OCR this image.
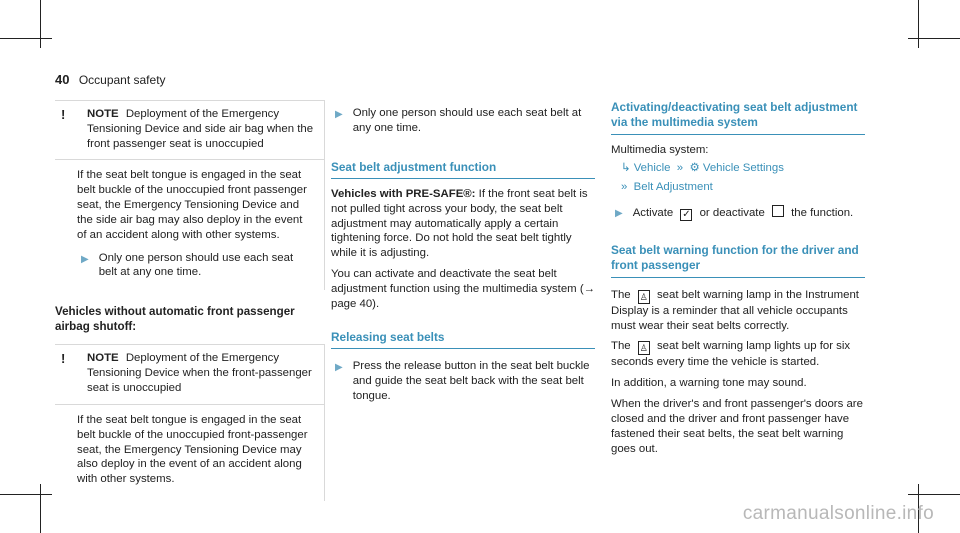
40 Occupant safety
!	NOTE Deployment of the Emergency Tensioning Device and side air bag when the front passenger seat is unoccupied

If the seat belt tongue is engaged in the seat belt buckle of the unoccupied front passenger seat, the Emergency Tensioning Device and the side air bag may also deploy in the event of an accident along with other systems.

▶ Only one person should use each seat belt at any one time.
Vehicles without automatic front passenger airbag shutoff:
!	NOTE Deployment of the Emergency Tensioning Device when the front-passenger seat is unoccupied

If the seat belt tongue is engaged in the seat belt buckle of the unoccupied front-passenger seat, the Emergency Tensioning Device may also deploy in the event of an accident along with other systems.

▶ Only one person should use each seat belt at any one time.
Seat belt adjustment function

Vehicles with PRE-SAFE®: If the front seat belt is not pulled tight across your body, the seat belt adjustment may automatically apply a certain tightening force. Do not hold the seat belt tightly while it is adjusting.

You can activate and deactivate the seat belt adjustment function using the multimedia system (→ page 40).

Releasing seat belts
▶ Press the release button in the seat belt buckle and guide the seat belt back with the seat belt tongue.
Activating/deactivating seat belt adjustment via the multimedia system

Multimedia system:

↳ Vehicle  »  ⚙ Vehicle Settings
»  Belt Adjustment
▶ Activate ✓ or deactivate the function.
Seat belt warning function for the driver and front passenger

The ♙ seat belt warning lamp in the Instrument Display is a reminder that all vehicle occupants must wear their seat belts correctly.

The ♙ seat belt warning lamp lights up for six seconds every time the vehicle is started.

In addition, a warning tone may sound.

When the driver's and front passenger's doors are closed and the driver and front passenger have fastened their seat belts, the seat belt warning goes out.

carmanualsonline.info
